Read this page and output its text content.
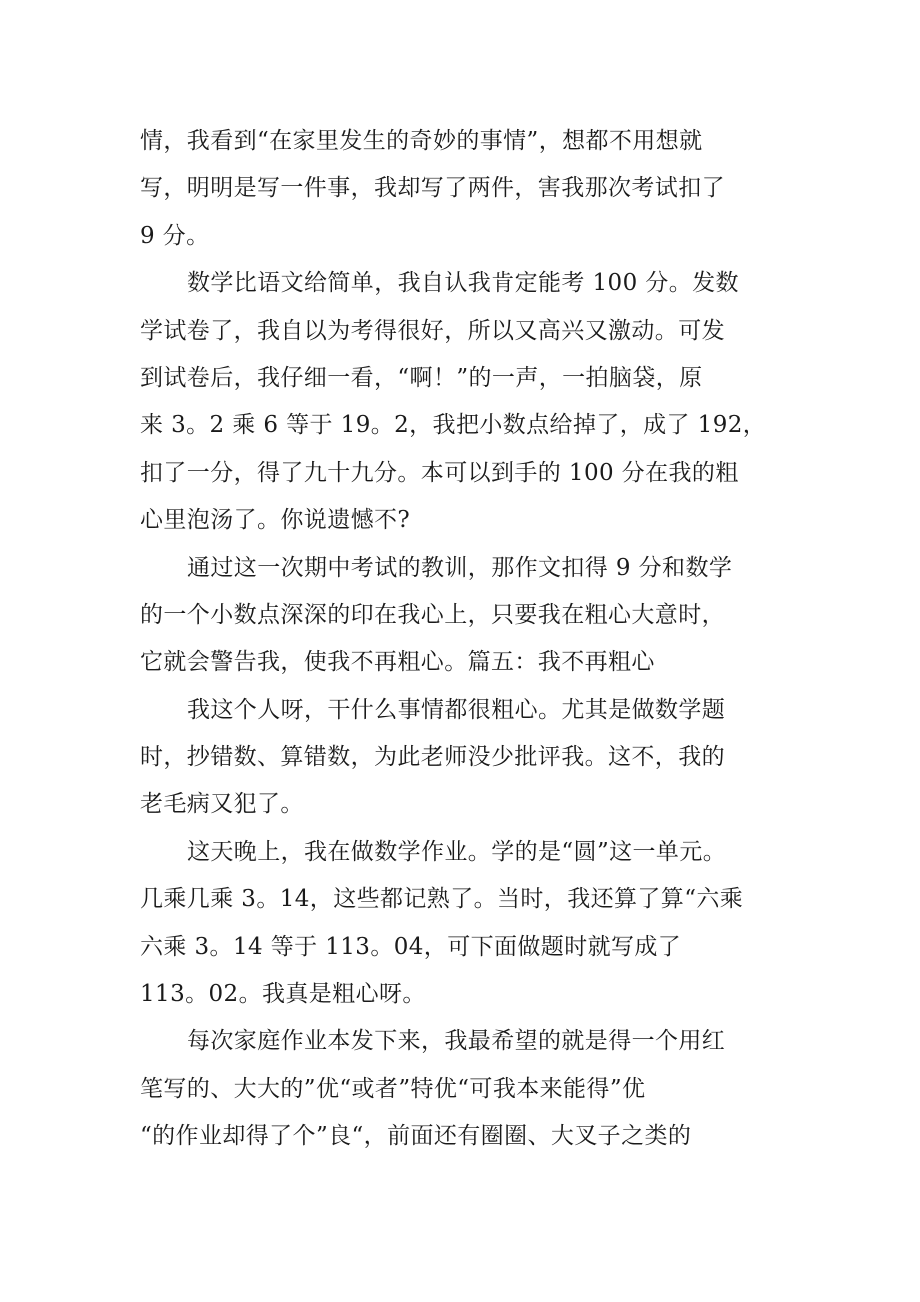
情，我看到“在家里发生的奇妙的事情”，想都不用想就
写，明明是写一件事，我却写了两件，害我那次考试扣了
9 分。
数学比语文给简单，我自认我肯定能考 100 分。发数
学试卷了，我自以为考得很好，所以又高兴又激动。可发
到试卷后，我仔细一看，“啊！”的一声，一拍脑袋，原
来 3。2 乘 6 等于 19。2，我把小数点给掉了，成了 192，
扣了一分，得了九十九分。本可以到手的 100 分在我的粗
心里泡汤了。你说遗憾不?
通过这一次期中考试的教训，那作文扣得 9 分和数学
的一个小数点深深的印在我心上，只要我在粗心大意时，
它就会警告我，使我不再粗心。篇五：我不再粗心
我这个人呀，干什么事情都很粗心。尤其是做数学题
时，抄错数、算错数，为此老师没少批评我。这不，我的
老毛病又犯了。
这天晚上，我在做数学作业。学的是“圆”这一单元。
几乘几乘 3。14，这些都记熟了。当时，我还算了算“六乘
六乘 3。14 等于 113。04，可下面做题时就写成了
113。02。我真是粗心呀。
每次家庭作业本发下来，我最希望的就是得一个用红
笔写的、大大的”优“或者”特优“可我本来能得”优
“的作业却得了个”良“，前面还有圈圈、大叉子之类的
